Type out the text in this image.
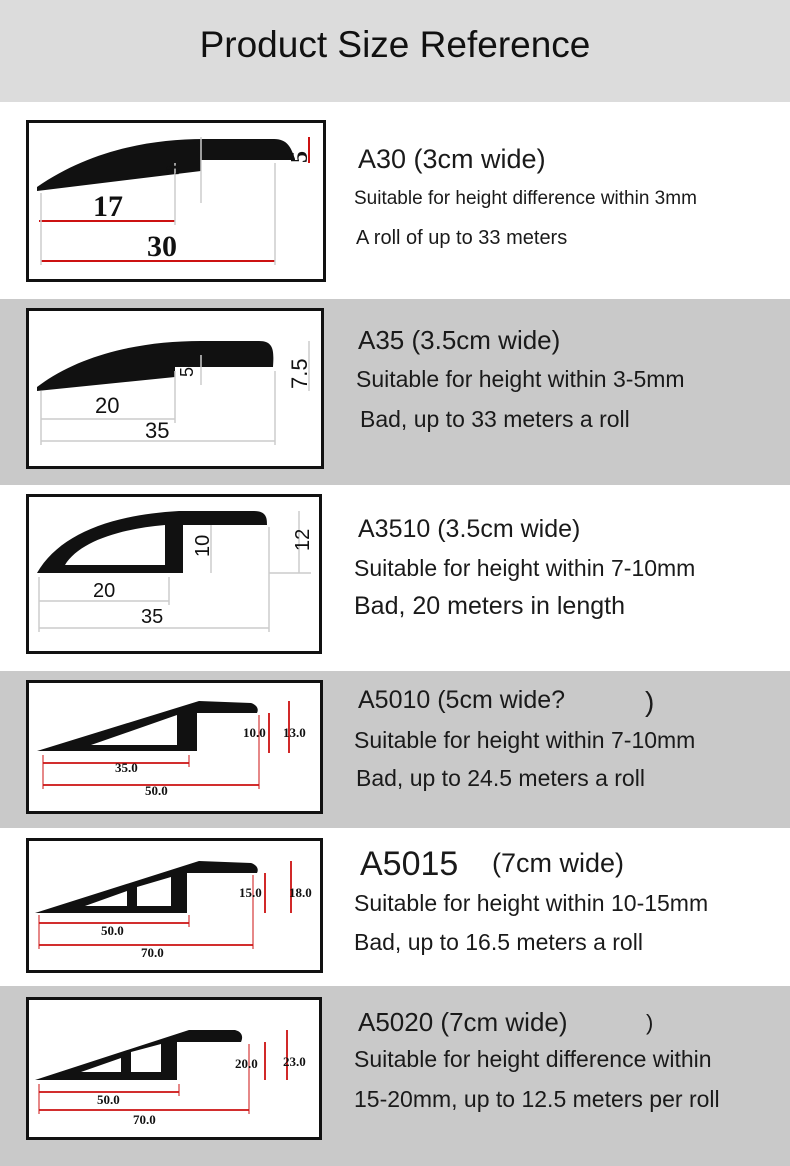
Product Size Reference
17
30
3
5 A30 (3cm wide)
Suitable for height difference within 3mm
A roll of up to 33 meters
20
35
5	7.5
A35 (3.5cm wide)
Suitable for height within 3-5mm
Bad, up to 33 meters a roll
20
35
10	12 A3510 (3.5cm wide)
Suitable for height within 7-10mm
Bad, 20 meters in length
35.0
50.0
10.0 13.0
A5010 (5cm wide?	)
Suitable for height within 7-10mm
Bad, up to 24.5 meters a roll
50.0
70.0
15.0 18.0
A5015 (7cm wide)
Suitable for height within 10-15mm
Bad, up to 16.5 meters a roll
50.0
70.0
20.0 23.0
A5020 (7cm wide)	)
Suitable for height difference within
15-20mm, up to 12.5 meters per roll
